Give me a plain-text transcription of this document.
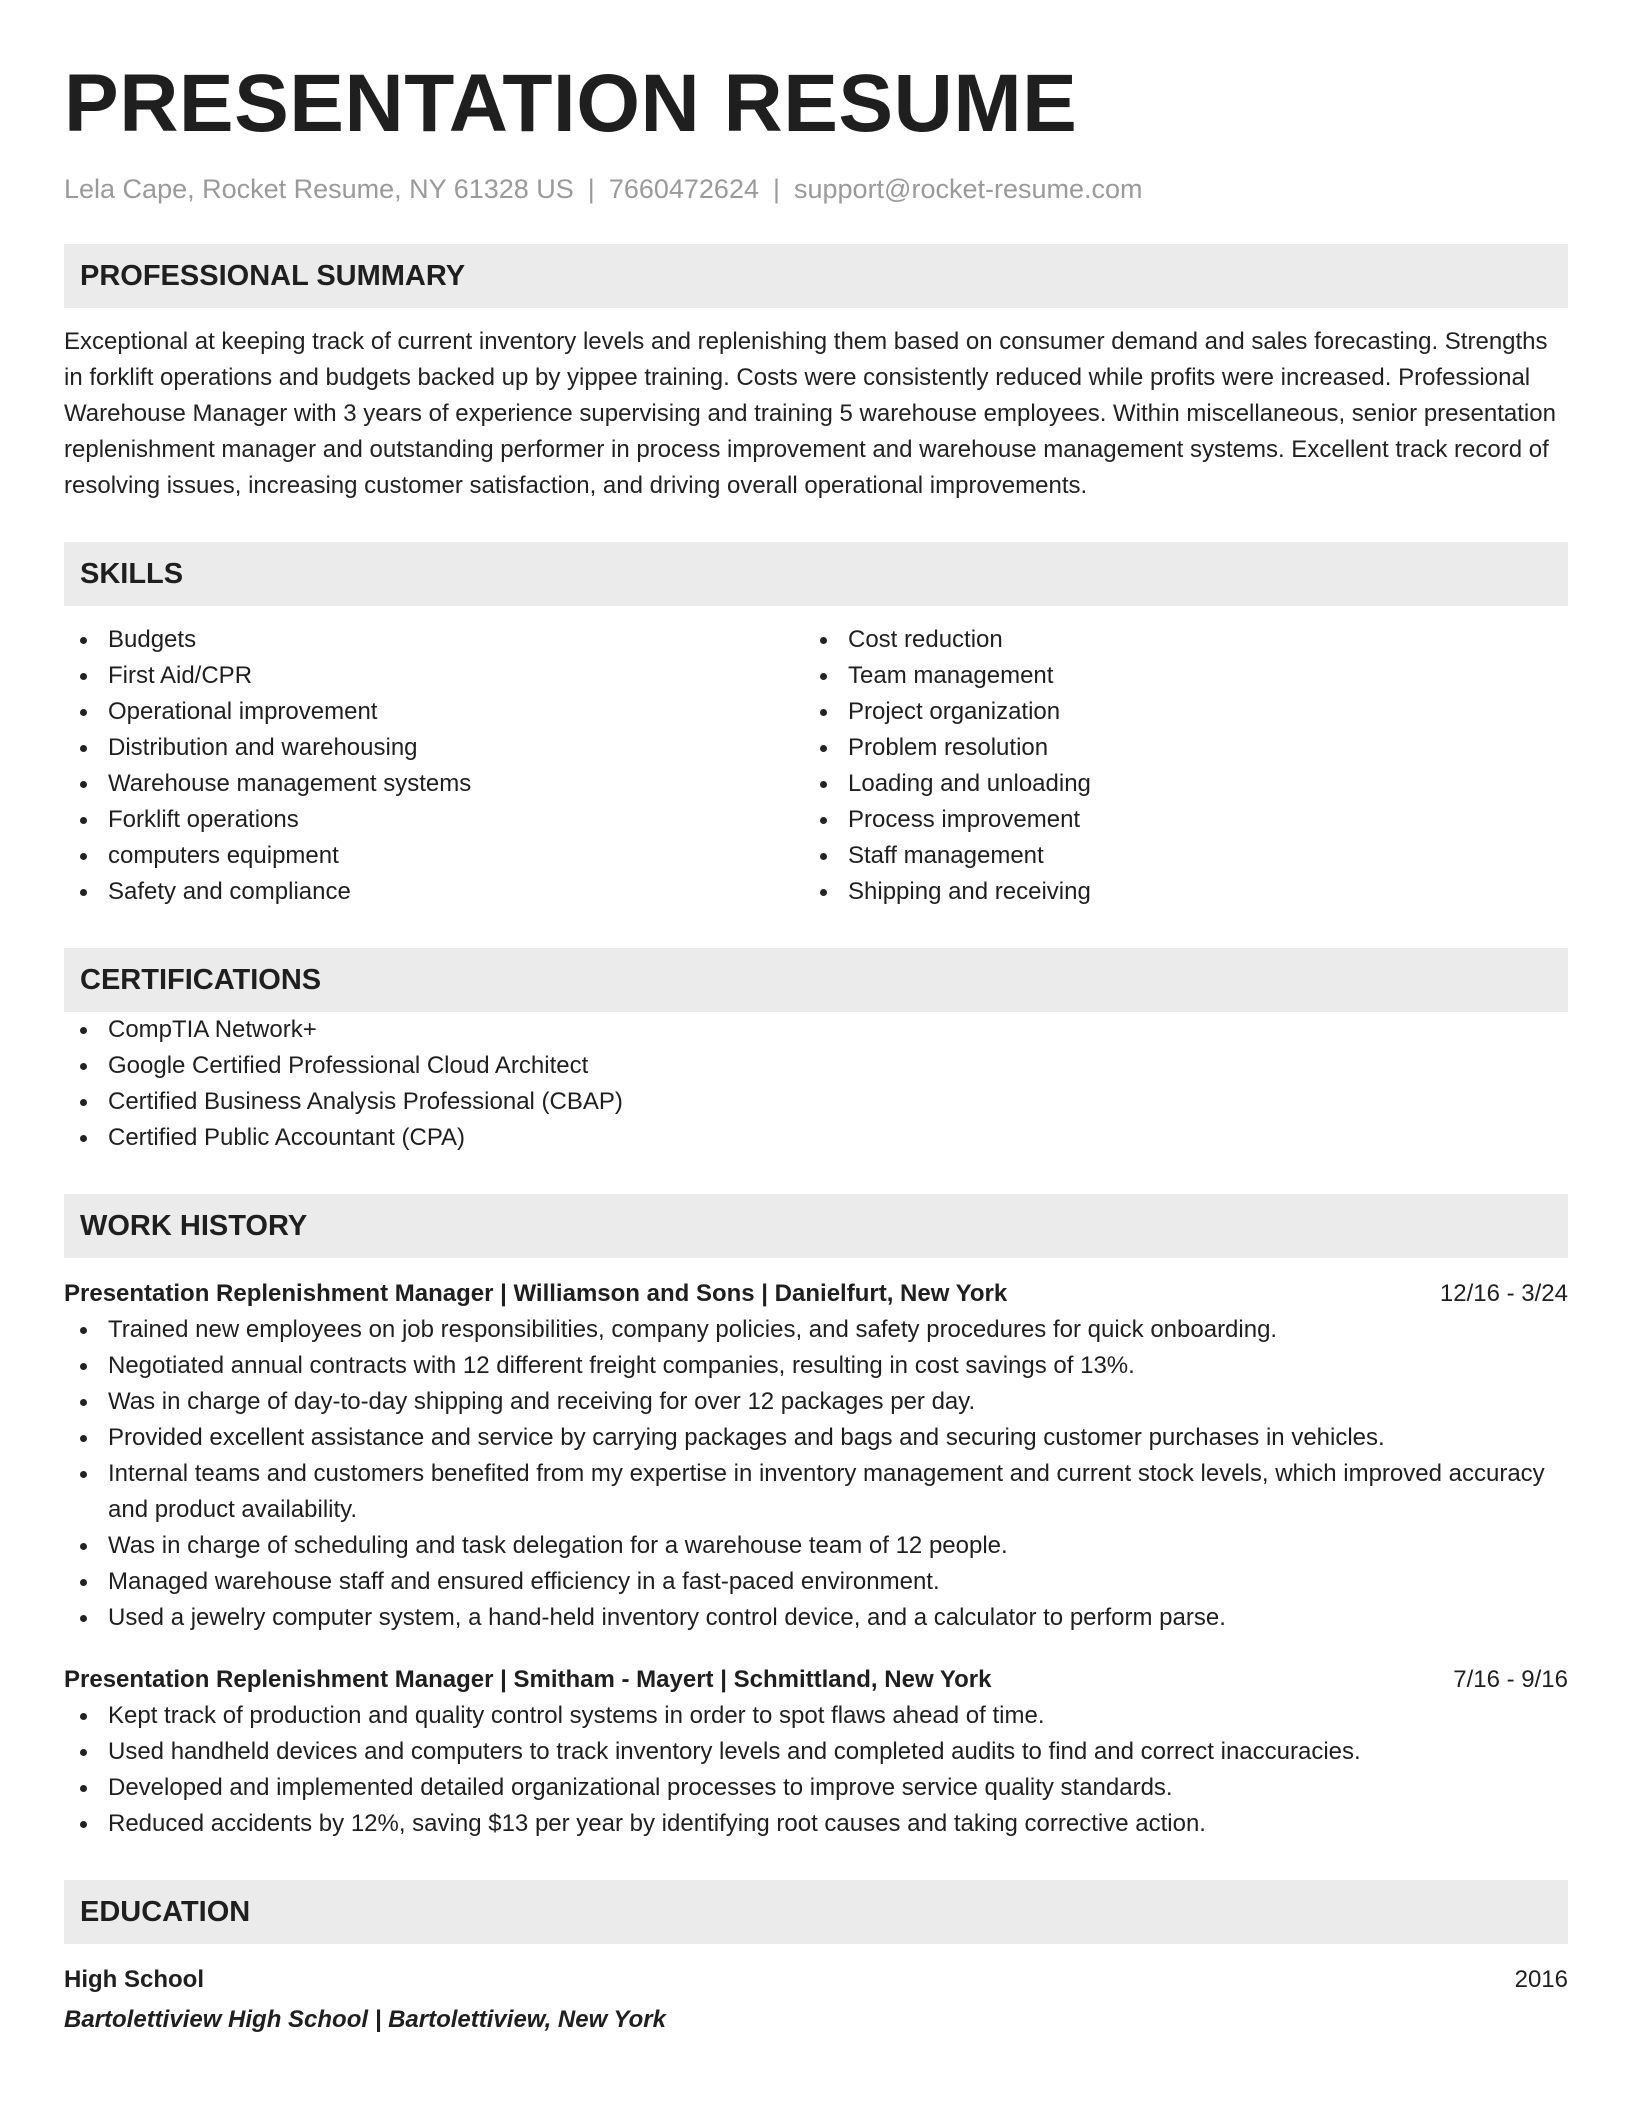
PRESENTATION RESUME
Lela Cape, Rocket Resume, NY 61328 US | 7660472624 | support@rocket-resume.com
PROFESSIONAL SUMMARY
Exceptional at keeping track of current inventory levels and replenishing them based on consumer demand and sales forecasting. Strengths in forklift operations and budgets backed up by yippee training. Costs were consistently reduced while profits were increased. Professional Warehouse Manager with 3 years of experience supervising and training 5 warehouse employees. Within miscellaneous, senior presentation replenishment manager and outstanding performer in process improvement and warehouse management systems. Excellent track record of resolving issues, increasing customer satisfaction, and driving overall operational improvements.
SKILLS
Budgets
First Aid/CPR
Operational improvement
Distribution and warehousing
Warehouse management systems
Forklift operations
computers equipment
Safety and compliance
Cost reduction
Team management
Project organization
Problem resolution
Loading and unloading
Process improvement
Staff management
Shipping and receiving
CERTIFICATIONS
CompTIA Network+
Google Certified Professional Cloud Architect
Certified Business Analysis Professional (CBAP)
Certified Public Accountant (CPA)
WORK HISTORY
Presentation Replenishment Manager | Williamson and Sons | Danielfurt, New York	12/16 - 3/24
Trained new employees on job responsibilities, company policies, and safety procedures for quick onboarding.
Negotiated annual contracts with 12 different freight companies, resulting in cost savings of 13%.
Was in charge of day-to-day shipping and receiving for over 12 packages per day.
Provided excellent assistance and service by carrying packages and bags and securing customer purchases in vehicles.
Internal teams and customers benefited from my expertise in inventory management and current stock levels, which improved accuracy and product availability.
Was in charge of scheduling and task delegation for a warehouse team of 12 people.
Managed warehouse staff and ensured efficiency in a fast-paced environment.
Used a jewelry computer system, a hand-held inventory control device, and a calculator to perform parse.
Presentation Replenishment Manager | Smitham - Mayert | Schmittland, New York	7/16 - 9/16
Kept track of production and quality control systems in order to spot flaws ahead of time.
Used handheld devices and computers to track inventory levels and completed audits to find and correct inaccuracies.
Developed and implemented detailed organizational processes to improve service quality standards.
Reduced accidents by 12%, saving $13 per year by identifying root causes and taking corrective action.
EDUCATION
High School	2016
Bartolettiview High School | Bartolettiview, New York
